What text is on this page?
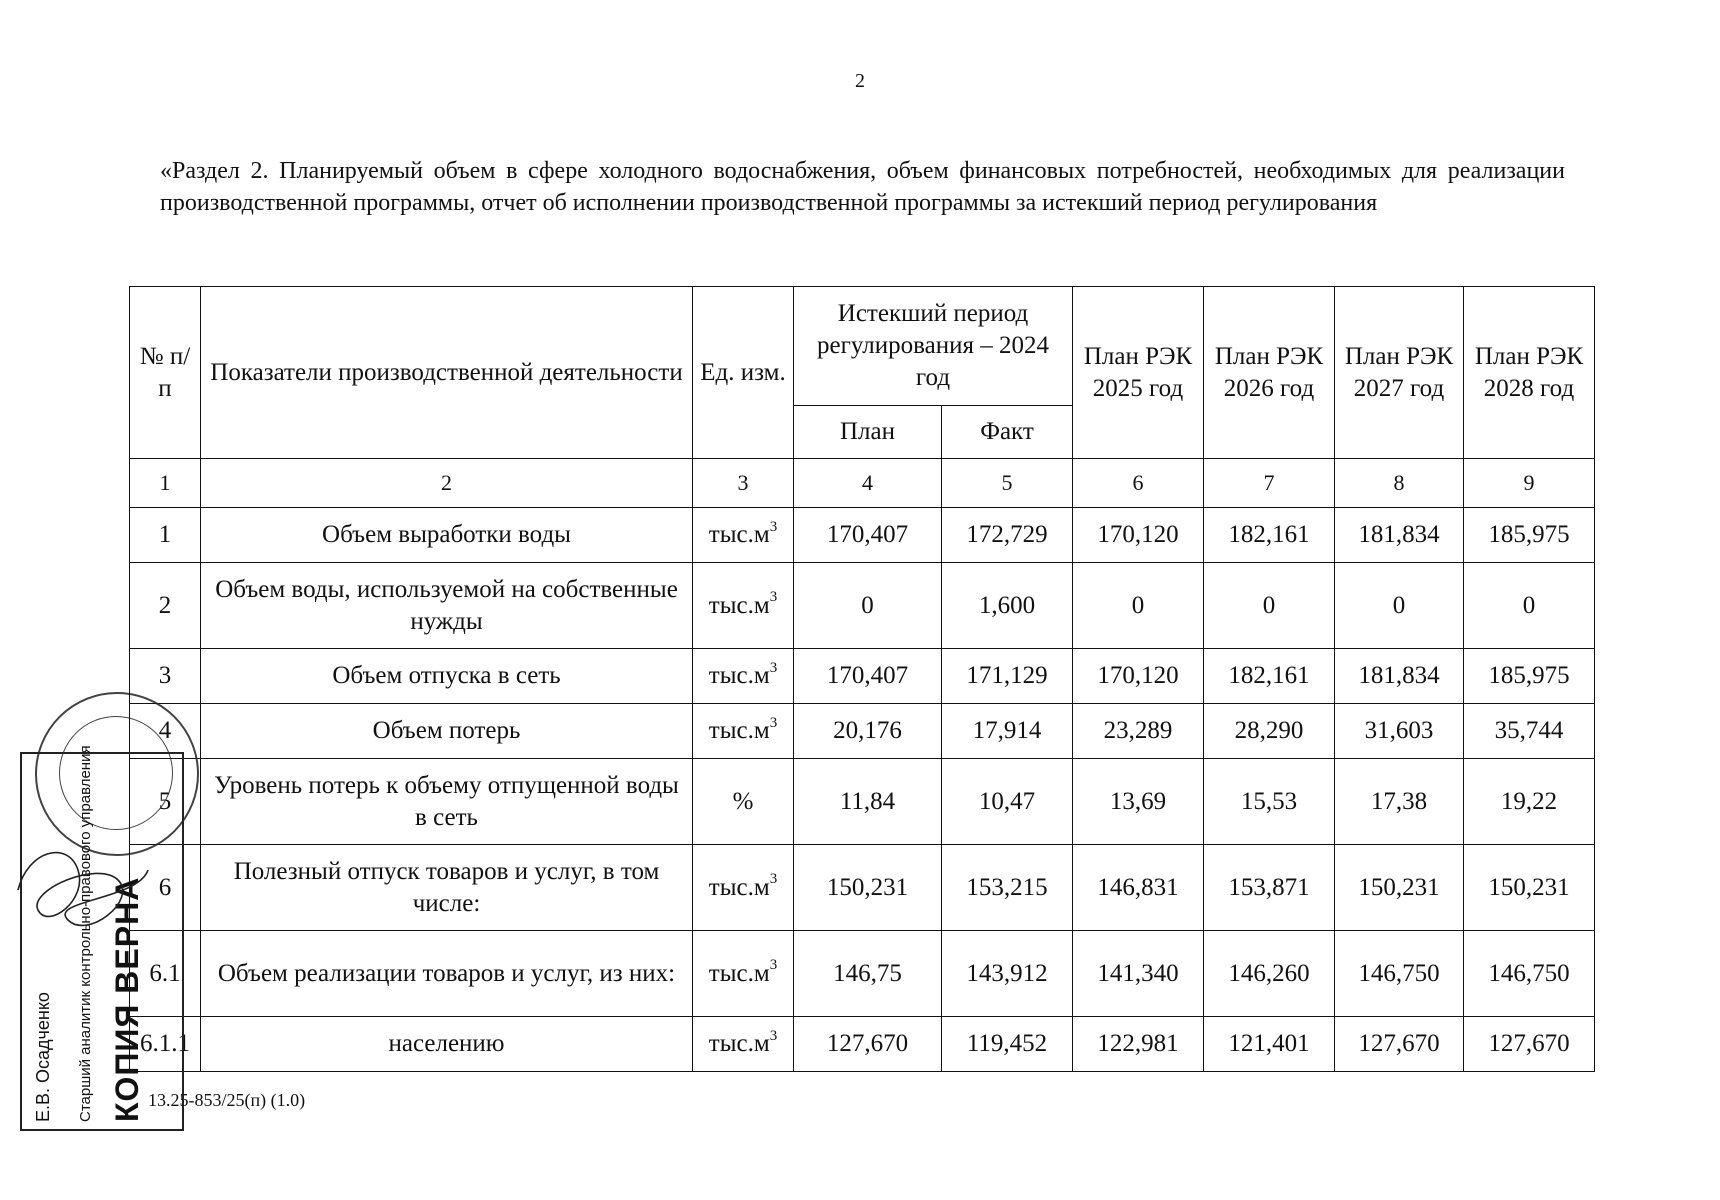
2
«Раздел 2. Планируемый объем в сфере холодного водоснабжения, объем финансовых потребностей, необходимых для реализации производственной программы, отчет об исполнении производственной программы за истекший период регулирования
№ п/п	Показатели производственной деятельности	Ед. изм.	Истекший период регулирования – 2024 год		План РЭК 2025 год	План РЭК 2026 год	План РЭК 2027 год	План РЭК 2028 год
			План	Факт				
1	2	3	4	5	6	7	8	9
1	Объем выработки воды	$тыс.м^3$	170,407	172,729	170,120	182,161	181,834	185,975
2	Объем воды, используемой на собственные нужды	$тыс.м^3$	0	1,600	0	0	0	0
3	Объем отпуска в сеть	$тыс.м^3$	170,407	171,129	170,120	182,161	181,834	185,975
4	Объем потерь	$тыс.м^3$	20,176	17,914	23,289	28,290	31,603	35,744
5	Уровень потерь к объему отпущенной воды в сеть	%	11,84	10,47	13,69	15,53	17,38	19,22
6	Полезный отпуск товаров и услуг, в том числе:	$тыс.м^3$	150,231	153,215	146,831	153,871	150,231	150,231
6.1	Объем реализации товаров и услуг, из них:	$тыс.м^3$	146,75	143,912	141,340	146,260	146,750	146,750
6.1.1	населению	$тыс.м^3$	127,670	119,452	122,981	121,401	127,670	127,670
13.25-853/25(п) (1.0)
Е.В. Осадченко Старший аналитик контрольно-правового управления КОПИЯ ВЕРНА
